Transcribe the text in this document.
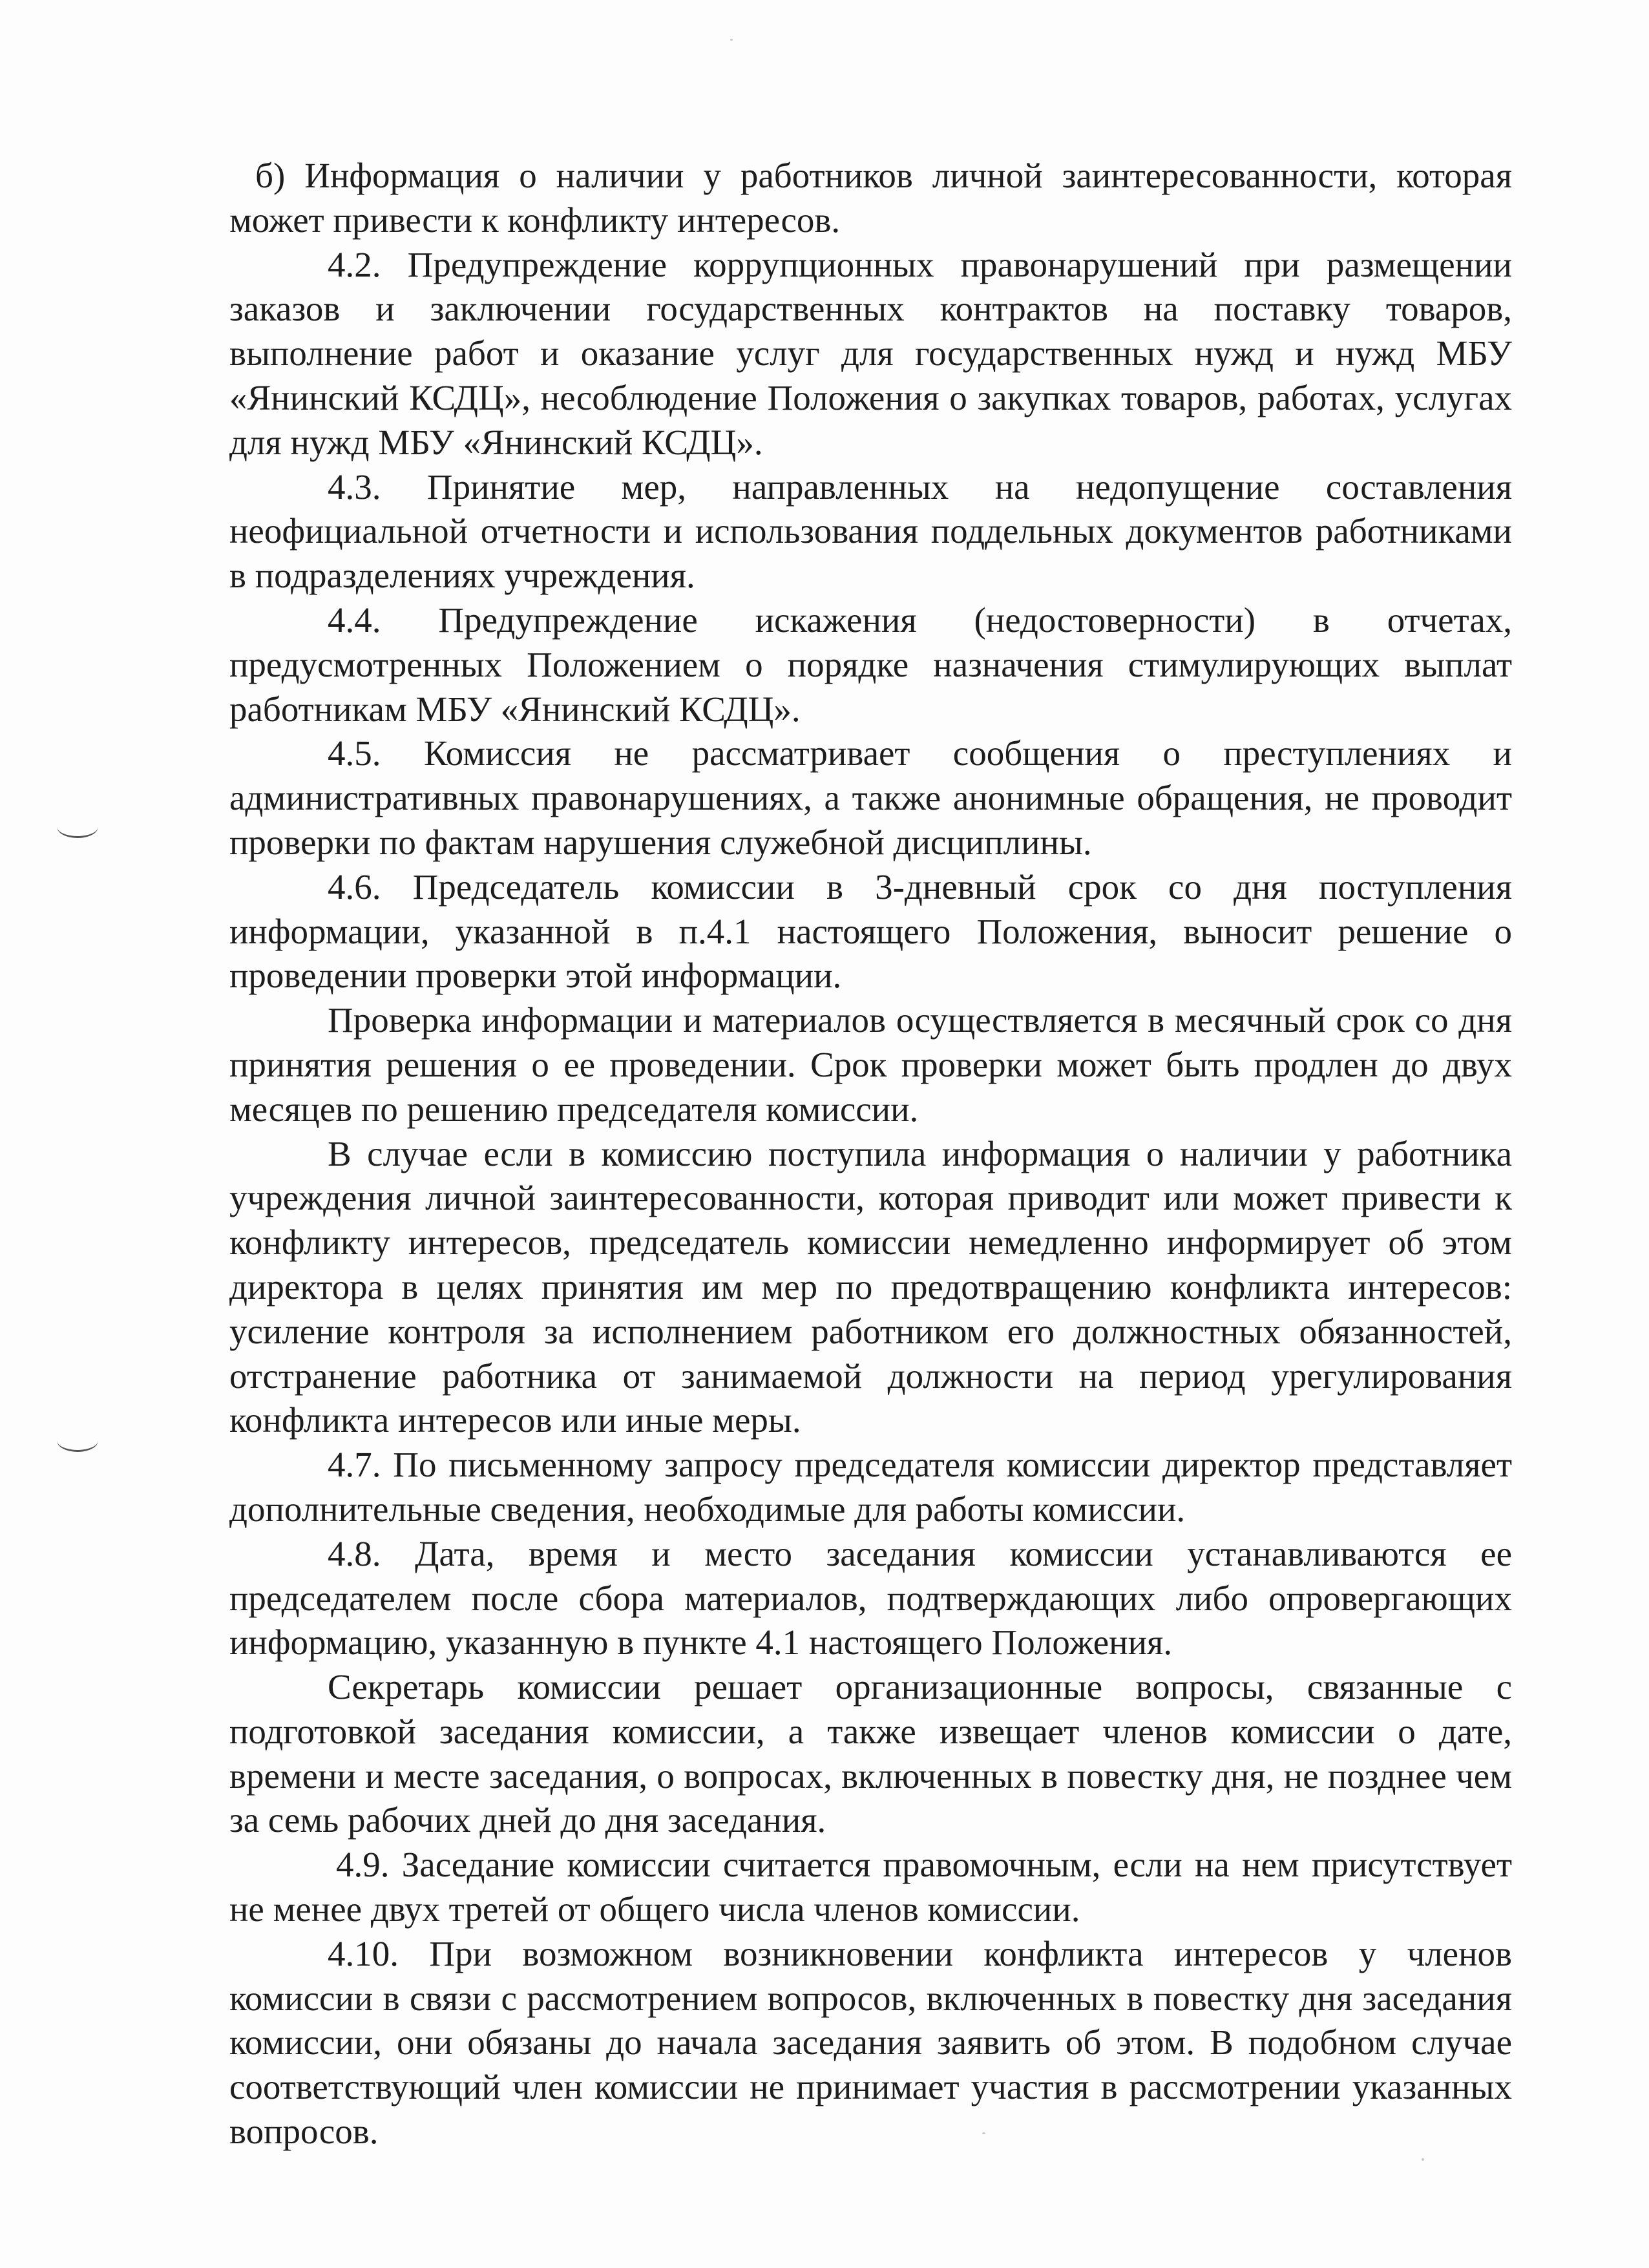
б) Информация о наличии у работников личной заинтересованности, которая может привести к конфликту интересов.

4.2. Предупреждение коррупционных правонарушений при размещении заказов и заключении государственных контрактов на поставку товаров, выполнение работ и оказание услуг для государственных нужд и нужд МБУ «Янинский КСДЦ», несоблюдение Положения о закупках товаров, работах, услугах для нужд МБУ «Янинский КСДЦ».

4.3. Принятие мер, направленных на недопущение составления неофициальной отчетности и использования поддельных документов работниками в подразделениях учреждения.

4.4. Предупреждение искажения (недостоверности) в отчетах, предусмотренных Положением о порядке назначения стимулирующих выплат работникам МБУ «Янинский КСДЦ».

4.5. Комиссия не рассматривает сообщения о преступлениях и административных правонарушениях, а также анонимные обращения, не проводит проверки по фактам нарушения служебной дисциплины.

4.6. Председатель комиссии в 3-дневный срок со дня поступления информации, указанной в п.4.1 настоящего Положения, выносит решение о проведении проверки этой информации.

Проверка информации и материалов осуществляется в месячный срок со дня принятия решения о ее проведении. Срок проверки может быть продлен до двух месяцев по решению председателя комиссии.

В случае если в комиссию поступила информация о наличии у работника учреждения личной заинтересованности, которая приводит или может привести к конфликту интересов, председатель комиссии немедленно информирует об этом директора в целях принятия им мер по предотвращению конфликта интересов: усиление контроля за исполнением работником его должностных обязанностей, отстранение работника от занимаемой должности на период урегулирования конфликта интересов или иные меры.

4.7. По письменному запросу председателя комиссии директор представляет дополнительные сведения, необходимые для работы комиссии.

4.8. Дата, время и место заседания комиссии устанавливаются ее председателем после сбора материалов, подтверждающих либо опровергающих информацию, указанную в пункте 4.1 настоящего Положения.

Секретарь комиссии решает организационные вопросы, связанные с подготовкой заседания комиссии, а также извещает членов комиссии о дате, времени и месте заседания, о вопросах, включенных в повестку дня, не позднее чем за семь рабочих дней до дня заседания.

4.9. Заседание комиссии считается правомочным, если на нем присутствует не менее двух третей от общего числа членов комиссии.

4.10. При возможном возникновении конфликта интересов у членов комиссии в связи с рассмотрением вопросов, включенных в повестку дня заседания комиссии, они обязаны до начала заседания заявить об этом. В подобном случае соответствующий член комиссии не принимает участия в рассмотрении указанных вопросов.
